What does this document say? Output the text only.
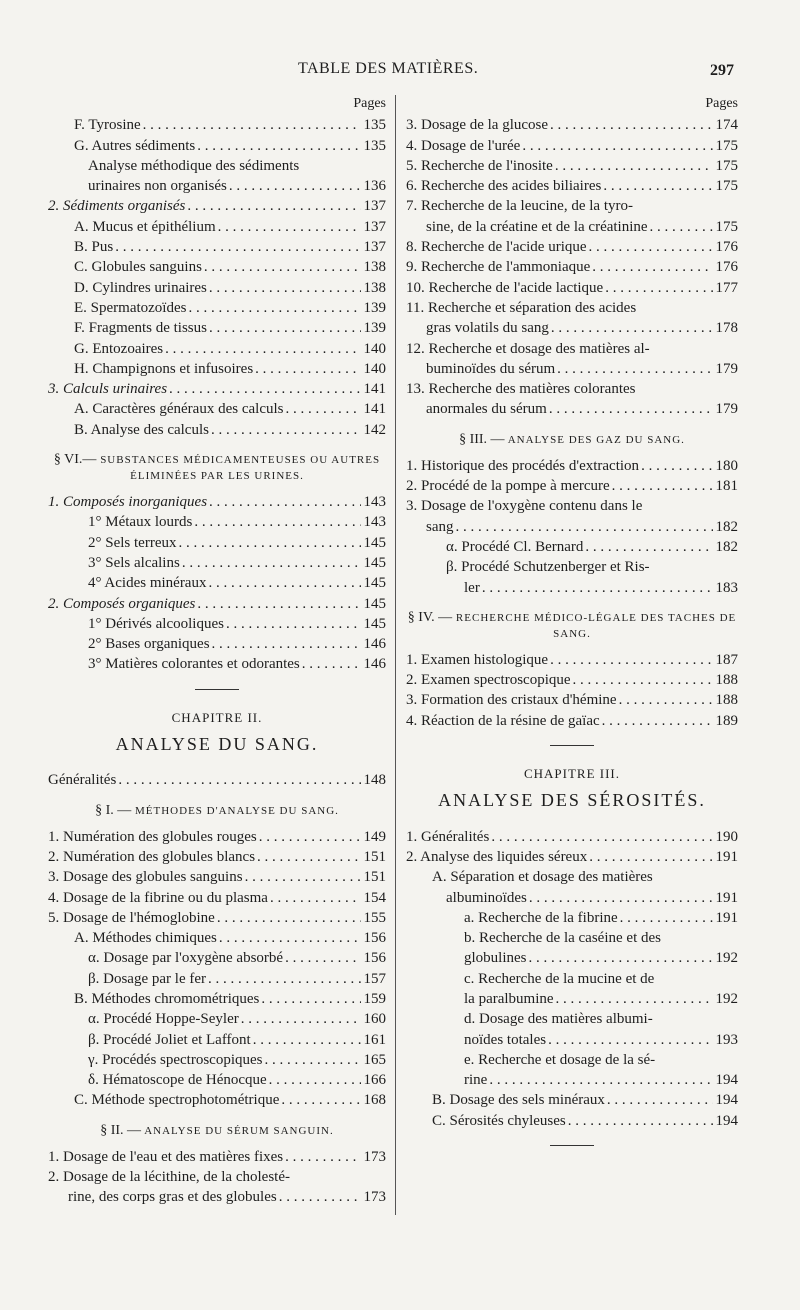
TABLE DES MATIÈRES.	297
Pages
F. Tyrosine . . .	135
G. Autres sédiments . . .	135
Analyse méthodique des sédiments
urinaires non organisés . . .	136
2. Sédiments organisés . . .	137
A. Mucus et épithélium . . .	137
B. Pus . . .	137
C. Globules sanguins . . .	138
D. Cylindres urinaires . . .	138
E. Spermatozoïdes . . .	139
F. Fragments de tissus . . .	139
G. Entozoaires . . .	140
H. Champignons et infusoires . . .	140
3. Calculs urinaires . . .	141
A. Caractères généraux des calculs . . .	141
B. Analyse des calculs . . .	142
§ VI.— SUBSTANCES MÉDICAMENTEUSES OU AUTRES ÉLIMINÉES PAR LES URINES.
1. Composés inorganiques . . .	143
1° Métaux lourds . . .	143
2° Sels terreux . . .	145
3° Sels alcalins . . .	145
4° Acides minéraux . . .	145
2. Composés organiques . . .	145
1° Dérivés alcooliques . . .	145
2° Bases organiques . . .	146
3° Matières colorantes et odorantes . . .	146
CHAPITRE II.
ANALYSE DU SANG.
Généralités . . .	148
§ I. — MÉTHODES D'ANALYSE DU SANG.
1. Numération des globules rouges . . .	149
2. Numération des globules blancs . . .	151
3. Dosage des globules sanguins . . .	151
4. Dosage de la fibrine ou du plasma . . .	154
5. Dosage de l'hémoglobine . . .	155
A. Méthodes chimiques . . .	156
α. Dosage par l'oxygène absorbé . . .	156
β. Dosage par le fer . . .	157
B. Méthodes chromométriques . . .	159
α. Procédé Hoppe-Seyler . . .	160
β. Procédé Joliet et Laffont . . .	161
γ. Procédés spectroscopiques . . .	165
δ. Hématoscope de Hénocque . . .	166
C. Méthode spectrophotométrique . . .	168
§ II. — ANALYSE DU SÉRUM SANGUIN.
1. Dosage de l'eau et des matières fixes . . .	173
2. Dosage de la lécithine, de la cholesté-
rine, des corps gras et des globules . . .	173
Pages
3. Dosage de la glucose . . .	174
4. Dosage de l'urée . . .	175
5. Recherche de l'inosite . . .	175
6. Recherche des acides biliaires . . .	175
7. Recherche de la leucine, de la tyro-
sine, de la créatine et de la créatinine . . .	175
8. Recherche de l'acide urique . . .	176
9. Recherche de l'ammoniaque . . .	176
10. Recherche de l'acide lactique . . .	177
11. Recherche et séparation des acides
gras volatils du sang . . .	178
12. Recherche et dosage des matières al-
buminoïdes du sérum . . .	179
13. Recherche des matières colorantes
anormales du sérum . . .	179
§ III. — ANALYSE DES GAZ DU SANG.
1. Historique des procédés d'extraction . . .	180
2. Procédé de la pompe à mercure . . .	181
3. Dosage de l'oxygène contenu dans le
sang . . .	182
α. Procédé Cl. Bernard . . .	182
β. Procédé Schutzenberger et Ris-
ler . . .	183
§ IV. — RECHERCHE MÉDICO-LÉGALE DES TACHES DE SANG.
1. Examen histologique . . .	187
2. Examen spectroscopique . . .	188
3. Formation des cristaux d'hémine . . .	188
4. Réaction de la résine de gaïac . . .	189
CHAPITRE III.
ANALYSE DES SÉROSITÉS.
1. Généralités . . .	190
2. Analyse des liquides séreux . . .	191
A. Séparation et dosage des matières
albuminoïdes . . .	191
a. Recherche de la fibrine . . .	191
b. Recherche de la caséine et des
globulines . . .	192
c. Recherche de la mucine et de
la paralbumine . . .	192
d. Dosage des matières albumi-
noïdes totales . . .	193
e. Recherche et dosage de la sé-
rine . . .	194
B. Dosage des sels minéraux . . .	194
C. Sérosités chyleuses . . .	194
